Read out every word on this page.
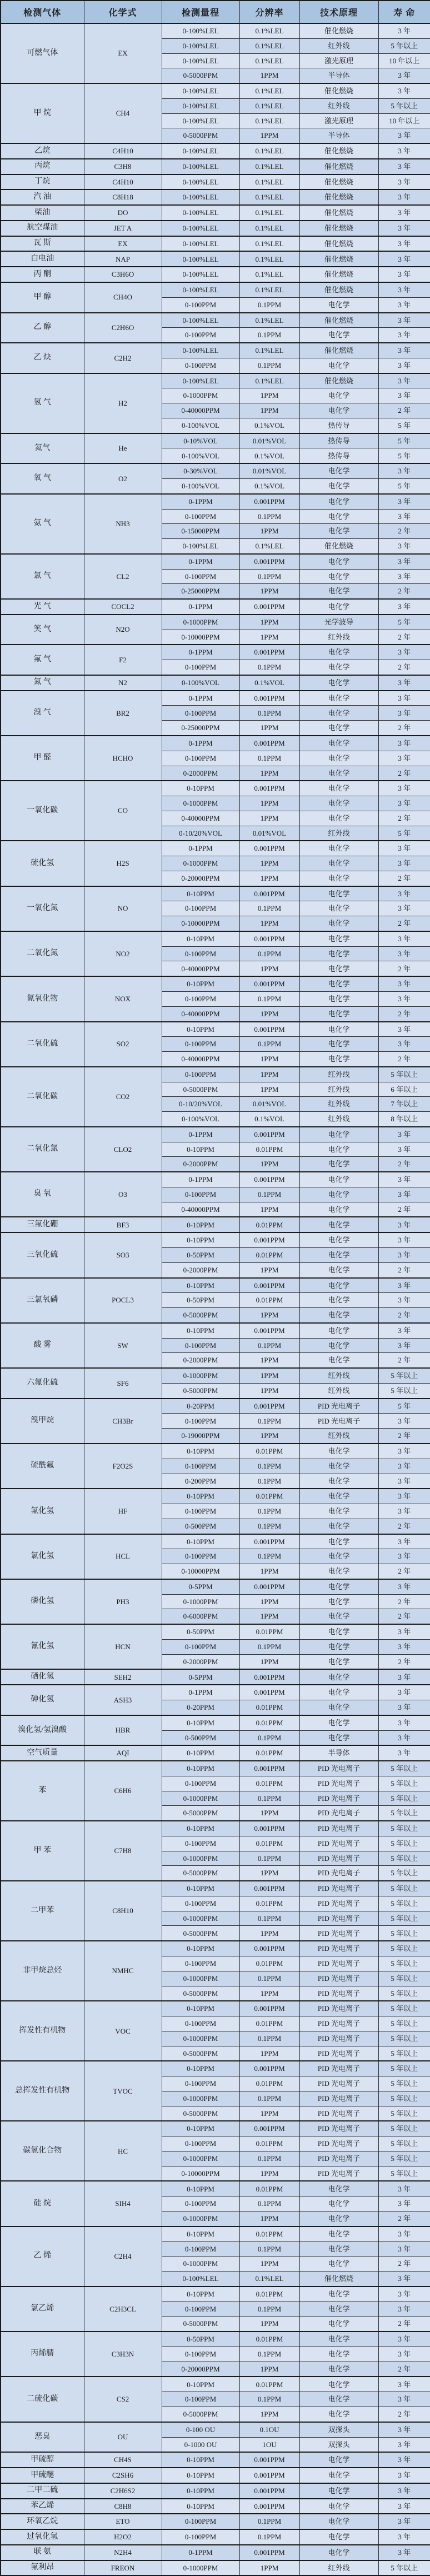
检测气体	化学式	检测量程	分辨率	技术原理	寿 命
可燃气体	EX	0-100%LEL	0.1%LEL	催化燃烧	3 年
		0-100%LEL	0.1%LEL	红外线	5 年以上
		0-100%LEL	0.1%LEL	激光原理	10 年以上
		0-5000PPM	1PPM	半导体	3 年
甲 烷	CH4	0-100%LEL	0.1%LEL	催化燃烧	3 年
		0-100%LEL	0.1%LEL	红外线	5 年以上
		0-100%LEL	0.1%LEL	激光原理	10 年以上
		0-5000PPM	1PPM	半导体	3 年
乙烷	C4H10	0-100%LEL	0.1%LEL	催化燃烧	3 年
丙烷	C3H8	0-100%LEL	0.1%LEL	催化燃烧	3 年
丁烷	C4H10	0-100%LEL	0.1%LEL	催化燃烧	3 年
汽 油	C8H18	0-100%LEL	0.1%LEL	催化燃烧	3 年
柴油	DO	0-100%LEL	0.1%LEL	催化燃烧	3 年
航空煤油	JET A	0-100%LEL	0.1%LEL	催化燃烧	3 年
瓦 斯	EX	0-100%LEL	0.1%LEL	催化燃烧	3 年
白电油	NAP	0-100%LEL	0.1%LEL	催化燃烧	3 年
丙 酮	C3H6O	0-100%LEL	0.1%LEL	催化燃烧	3 年
甲 醇	CH4O	0-100%LEL	0.1%LEL	催化燃烧	3 年
		0-100PPM	0.1PPM	电化学	3 年
乙 醇	C2H6O	0-100%LEL	0.1%LEL	催化燃烧	3 年
		0-100PPM	0.1PPM	电化学	3 年
乙 炔	C2H2	0-100%LEL	0.1%LEL	催化燃烧	3 年
		0-100PPM	0.1PPM	电化学	3 年
氢 气	H2	0-100%LEL	0.1%LEL	催化燃烧	3 年
		0-1000PPM	1PPM	电化学	3 年
		0-40000PPM	1PPM	电化学	2 年
		0-100%VOL	0.1%VOL	热传导	5 年
氦气	He	0-10%VOL	0.01%VOL	热传导	5 年
		0-100%VOL	0.1%VOL	热传导	5 年
氧 气	O2	0-30%VOL	0.01%VOL	电化学	3 年
		0-100%VOL	0.1%VOL	电化学	5 年
氨 气	NH3	0-1PPM	0.001PPM	电化学	3 年
		0-100PPM	0.1PPM	电化学	3 年
		0-15000PPM	1PPM	电化学	2 年
		0-100%LEL	0.1%LEL	催化燃烧	3 年
氯 气	CL2	0-1PPM	0.001PPM	电化学	3 年
		0-100PPM	0.1PPM	电化学	3 年
		0-25000PPM	1PPM	电化学	2 年
光 气	COCL2	0-1PPM	0.001PPM	电化学	3 年
笑 气	N2O	0-1000PPM	1PPM	光学波导	5 年
		0-10000PPM	1PPM	红外线	2 年
氟 气	F2	0-1PPM	0.001PPM	电化学	3 年
		0-100PPM	0.1PPM	电化学	2 年
氮 气	N2	0-100%VOL	0.1%VOL	电化学	3 年
溴 气	BR2	0-1PPM	0.001PPM	电化学	3 年
		0-100PPM	0.1PPM	电化学	3 年
		0-25000PPM	1PPM	电化学	2 年
甲 醛	HCHO	0-1PPM	0.001PPM	电化学	3 年
		0-100PPM	0.1PPM	电化学	3 年
		0-2000PPM	1PPM	电化学	2 年
一氧化碳	CO	0-10PPM	0.001PPM	电化学	3 年
		0-1000PPM	1PPM	电化学	3 年
		0-40000PPM	1PPM	电化学	2 年
		0-10/20%VOL	0.01%VOL	红外线	5 年
硫化氢	H2S	0-1PPM	0.001PPM	电化学	3 年
		0-1000PPM	1PPM	电化学	3 年
		0-20000PPM	1PPM	电化学	2 年
一氧化氮	NO	0-10PPM	0.001PPM	电化学	3 年
		0-100PPM	0.1PPM	电化学	3 年
		0-10000PPM	1PPM	电化学	2 年
二氧化氮	NO2	0-10PPM	0.001PPM	电化学	3 年
		0-100PPM	0.1PPM	电化学	3 年
		0-40000PPM	1PPM	电化学	2 年
氮氧化物	NOX	0-10PPM	0.001PPM	电化学	3 年
		0-100PPM	0.1PPM	电化学	3 年
		0-40000PPM	1PPM	电化学	2 年
二氧化硫	SO2	0-10PPM	0.001PPM	电化学	3 年
		0-100PPM	0.1PPM	电化学	3 年
		0-40000PPM	1PPM	电化学	2 年
二氧化碳	CO2	0-100PPM	1PPM	红外线	5 年以上
		0-5000PPM	1PPM	红外线	6 年以上
		0-10/20%VOL	0.01%VOL	红外线	7 年以上
		0-100%VOL	0.1%VOL	红外线	8 年以上
二氧化氯	CLO2	0-1PPM	0.001PPM	电化学	3 年
		0-10PPM	0.01PPM	电化学	3 年
		0-2000PPM	1PPM	电化学	2 年
臭 氧	O3	0-1PPM	0.001PPM	电化学	3 年
		0-100PPM	0.1PPM	电化学	3 年
		0-40000PPM	1PPM	电化学	2 年
三氟化硼	BF3	0-10PPM	0.01PPM	电化学	3 年
三氧化硫	SO3	0-10PPM	0.001PPM	电化学	3 年
		0-50PPM	0.01PPM	电化学	3 年
		0-2000PPM	1PPM	电化学	2 年
三氯氧磷	POCL3	0-10PPM	0.001PPM	电化学	3 年
		0-50PPM	0.01PPM	电化学	3 年
		0-5000PPM	1PPM	电化学	2 年
酸 雾	SW	0-10PPM	0.001PPM	电化学	3 年
		0-100PPM	0.1PPM	电化学	3 年
		0-2000PPM	1PPM	电化学	2 年
六氟化硫	SF6	0-1000PPM	1PPM	红外线	5 年以上
		0-5000PPM	1PPM	红外线	5 年以上
溴甲烷	CH3Br	0-20PPM	0.001PPM	PID 光电离子	5 年
		0-100PPM	0.1PPM	PID 光电离子	3 年
		0-19000PPM	1PPM	红外线	2 年
硫酰氟	F2O2S	0-10PPM	0.01PPM	电化学	3 年
		0-100PPM	0.1PPM	电化学	3 年
		0-200PPM	0.1PPM	电化学	3 年
氟化氢	HF	0-10PPM	0.01PPM	电化学	3 年
		0-100PPM	0.1PPM	电化学	3 年
		0-500PPM	0.1PPM	电化学	2 年
氯化氢	HCL	0-10PPM	0.001PPM	电化学	3 年
		0-100PPM	0.1PPM	电化学	3 年
		0-10000PPM	1PPM	电化学	2 年
磷化氢	PH3	0-5PPM	0.001PPM	电化学	3 年
		0-1000PPM	1PPM	电化学	2 年
		0-6000PPM	1PPM	电化学	2 年
氰化氢	HCN	0-50PPM	0.01PPM	电化学	3 年
		0-100PPM	0.1PPM	电化学	3 年
		0-2000PPM	1PPM	电化学	2 年
硒化氢	SEH2	0-5PPM	0.001PPM	电化学	3 年
砷化氢	ASH3	0-1PPM	0.001PPM	电化学	3 年
		0-20PPM	0.01PPM	电化学	3 年
溴化氢/氢溴酸	HBR	0-10PPM	0.01PPM	电化学	3 年
		0-500PPM	0.1PPM	电化学	3 年
空气质量	AQI	0-10PPM	0.01PPM	半导体	3 年
苯	C6H6	0-10PPM	0.001PPM	PID 光电离子	5 年以上
		0-100PPM	0.01PPM	PID 光电离子	5 年以上
		0-1000PPM	0.1PPM	PID 光电离子	5 年以上
		0-5000PPM	1PPM	PID 光电离子	5 年以上
甲 苯	C7H8	0-10PPM	0.001PPM	PID 光电离子	5 年以上
		0-100PPM	0.01PPM	PID 光电离子	5 年以上
		0-1000PPM	0.1PPM	PID 光电离子	5 年以上
		0-5000PPM	1PPM	PID 光电离子	5 年以上
二甲苯	C8H10	0-10PPM	0.001PPM	PID 光电离子	5 年以上
		0-100PPM	0.01PPM	PID 光电离子	5 年以上
		0-1000PPM	0.1PPM	PID 光电离子	5 年以上
		0-5000PPM	1PPM	PID 光电离子	5 年以上
非甲烷总烃	NMHC	0-10PPM	0.001PPM	PID 光电离子	5 年以上
		0-100PPM	0.01PPM	PID 光电离子	5 年以上
		0-1000PPM	0.1PPM	PID 光电离子	5 年以上
		0-5000PPM	1PPM	PID 光电离子	5 年以上
挥发性有机物	VOC	0-10PPM	0.001PPM	PID 光电离子	5 年以上
		0-100PPM	0.01PPM	PID 光电离子	5 年以上
		0-1000PPM	0.1PPM	PID 光电离子	5 年以上
		0-5000PPM	1PPM	PID 光电离子	5 年以上
总挥发性有机物	TVOC	0-10PPM	0.001PPM	PID 光电离子	5 年以上
		0-100PPM	0.01PPM	PID 光电离子	5 年以上
		0-1000PPM	0.1PPM	PID 光电离子	5 年以上
		0-5000PPM	1PPM	PID 光电离子	5 年以上
碳氢化合物	HC	0-10PPM	0.001PPM	PID 光电离子	5 年以上
		0-100PPM	0.01PPM	PID 光电离子	5 年以上
		0-1000PPM	0.1PPM	PID 光电离子	5 年以上
		0-10000PPM	1PPM	PID 光电离子	5 年以上
硅 烷	SIH4	0-10PPM	0.01PPM	电化学	3 年
		0-100PPM	0.1PPM	电化学	3 年
		0-1000PPM	1PPM	电化学	2 年
乙 烯	C2H4	0-10PPM	0.01PPM	电化学	3 年
		0-100PPM	0.1PPM	电化学	3 年
		0-1000PPM	1PPM	电化学	2 年
		0-100%LEL	0.1%LEL	催化燃烧	3 年
氯乙烯	C2H3CL	0-10PPM	0.01PPM	电化学	3 年
		0-100PPM	0.1PPM	电化学	3 年
		0-5000PPM	1PPM	电化学	2 年
丙烯腈	C3H3N	0-50PPM	0.01PPM	电化学	3 年
		0-100PPM	0.1PPM	电化学	3 年
		0-20000PPM	1PPM	电化学	2 年
二硫化碳	CS2	0-10PPM	0.01PPM	电化学	3 年
		0-100PPM	0.1PPM	电化学	3 年
		0-5000PPM	1PPM	电化学	2 年
恶臭	OU	0-100 OU	0.1OU	双探头	3 年
		0-1000 OU	1OU	双探头	3 年
甲硫醇	CH4S	0-10PPM	0.001PPM	电化学	3 年
甲硫醚	C2SH6	0-10PPM	0.001PPM	电化学	3 年
二甲二硫	C2H6S2	0-10PPM	0.001PPM	电化学	3 年
苯乙烯	C8H8	0-10PPM	0.001PPM	电化学	3 年
环氧乙烷	ETO	0-100PPM	0.1PPM	电化学	3 年
过氧化氢	H2O2	0-100PPM	0.1PPM	电化学	3 年
联 氨	N2H4	0-1PPM	0.001PPM	电化学	3 年
氟利昂	FREON	0-1000PPM	1PPM	红外线	5 年以上
